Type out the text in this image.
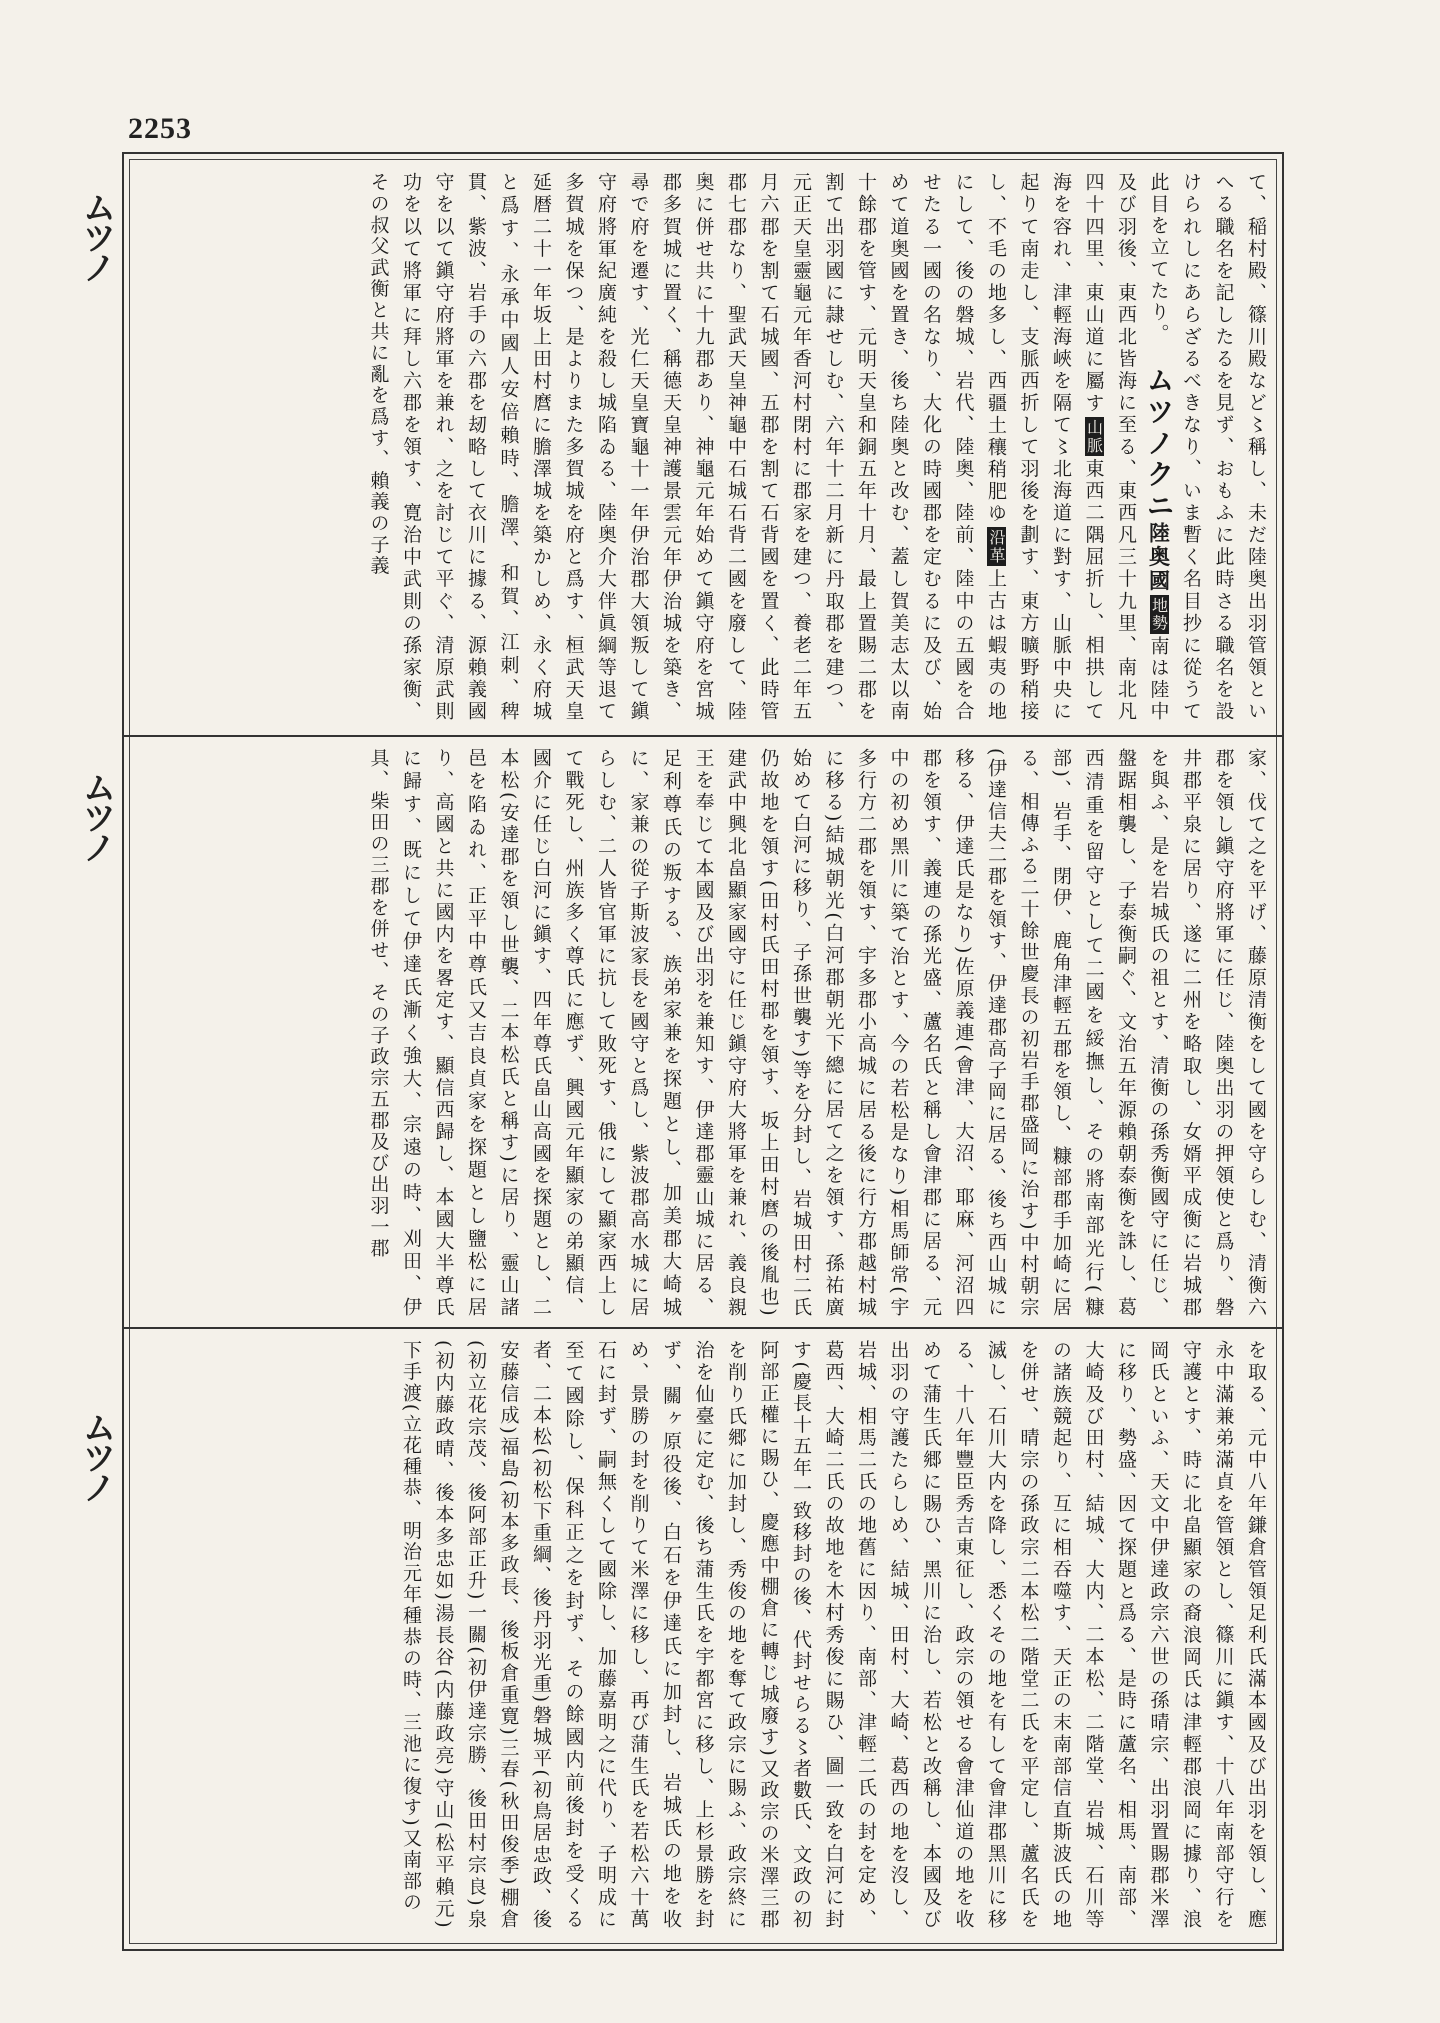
2253
ムツノ
ムツノ
ムツノ

て、稲村殿、篠川殿など〻稱し、未だ陸奥出羽管領といへる職名を記したるを見ず、おもふに此時さる職名を設けられしにあらざるべきなり、いま暫く名目抄に從うて此目を立てたり。ムツノクニ陸奥國地勢南は陸中及び羽後、東西北皆海に至る、東西凡三十九里、南北凡四十四里、東山道に屬す山脈東西二隅屈折し、相拱して海を容れ、津輕海峽を隔て〻北海道に對す、山脈中央に起りて南走し、支脈西折して羽後を劃す、東方曠野稍接し、不毛の地多し、西疆土穰稍肥ゆ沿革上古は蝦夷の地にして、後の磐城、岩代、陸奥、陸前、陸中の五國を合せたる一國の名なり、大化の時國郡を定むるに及び、始めて道奥國を置き、後ち陸奥と改む、蓋し賀美志太以南十餘郡を管す、元明天皇和銅五年十月、最上置賜二郡を割て出羽國に隷せしむ、六年十二月新に丹取郡を建つ、元正天皇靈龜元年香河村閉村に郡家を建つ、養老二年五月六郡を割て石城國、五郡を割て石背國を置く、此時管郡七郡なり、聖武天皇神龜中石城石背二國を廢して、陸奥に併せ共に十九郡あり、神龜元年始めて鎭守府を宮城郡多賀城に置く、稱德天皇神護景雲元年伊治城を築き、尋で府を遷す、光仁天皇寶龜十一年伊治郡大領叛して鎭守府將軍紀廣純を殺し城陷ゐる、陸奥介大伴眞綱等退て多賀城を保つ、是よりまた多賀城を府と爲す、桓武天皇延暦二十一年坂上田村麿に膽澤城を築かしめ、永く府城と爲す、永承中國人安倍賴時、膽澤、和賀、江刺、稗貫、紫波、岩手の六郡を刼略して衣川に據る、源賴義國守を以て鎭守府將軍を兼れ、之を討じて平ぐ、清原武則功を以て將軍に拜し六郡を領す、寛治中武則の孫家衡、その叔父武衡と共に亂を爲す、賴義の子義

家、伐て之を平げ、藤原清衡をして國を守らしむ、清衡六郡を領し鎭守府將軍に任じ、陸奥出羽の押領使と爲り、磐井郡平泉に居り、遂に二州を略取し、女婿平成衡に岩城郡を與ふ、是を岩城氏の祖とす、清衡の孫秀衡國守に任じ、盤踞相襲し、子泰衡嗣ぐ、文治五年源賴朝泰衡を誅し、葛西清重を留守として二國を綏撫し、その將南部光行(糠部)、岩手、閉伊、鹿角津輕五郡を領し、糠部郡手加崎に居る、相傳ふる二十餘世慶長の初岩手郡盛岡に治す)中村朝宗(伊達信夫二郡を領す、伊達郡高子岡に居る、後ち西山城に移る、伊達氏是なり)佐原義連(會津、大沼、耶麻、河沼四郡を領す、義連の孫光盛、蘆名氏と稱し會津郡に居る、元中の初め黑川に築て治とす、今の若松是なり)相馬師常(宇多行方二郡を領す、宇多郡小高城に居る後に行方郡越村城に移る)結城朝光(白河郡朝光下總に居て之を領す、孫祐廣始めて白河に移り、子孫世襲す)等を分封し、岩城田村二氏仍故地を領す(田村氏田村郡を領す、坂上田村麿の後胤也)建武中興北畠顯家國守に任じ鎭守府大將軍を兼れ、義良親王を奉じて本國及び出羽を兼知す、伊達郡靈山城に居る、足利尊氏の叛する、族弟家兼を探題とし、加美郡大崎城に、家兼の從子斯波家長を國守と爲し、紫波郡高水城に居らしむ、二人皆官軍に抗して敗死す、俄にして顯家西上して戰死し、州族多く尊氏に應ず、興國元年顯家の弟顯信、國介に任じ白河に鎭す、四年尊氏畠山高國を探題とし、二本松(安達郡を領し世襲、二本松氏と稱す)に居り、靈山諸邑を陷ゐれ、正平中尊氏又吉良貞家を探題とし鹽松に居り、高國と共に國内を畧定す、顯信西歸し、本國大半尊氏に歸す、既にして伊達氏漸く強大、宗遠の時、刈田、伊具、柴田の三郡を併せ、その子政宗五郡及び出羽一郡

を取る、元中八年鎌倉管領足利氏滿本國及び出羽を領し、應永中滿兼弟滿貞を管領とし、篠川に鎭す、十八年南部守行を守護とす、時に北畠顯家の裔浪岡氏は津輕郡浪岡に據り、浪岡氏といふ、天文中伊達政宗六世の孫晴宗、出羽置賜郡米澤に移り、勢盛、因て探題と爲る、是時に蘆名、相馬、南部、大崎及び田村、結城、大内、二本松、二階堂、岩城、石川等の諸族競起り、互に相吞噬す、天正の末南部信直斯波氏の地を併せ、晴宗の孫政宗二本松二階堂二氏を平定し、蘆名氏を滅し、石川大内を降し、悉くその地を有して會津郡黑川に移る、十八年豐臣秀吉東征し、政宗の領せる會津仙道の地を收めて蒲生氏郷に賜ひ、黑川に治し、若松と改稱し、本國及び出羽の守護たらしめ、結城、田村、大崎、葛西の地を沒し、岩城、相馬二氏の地舊に因り、南部、津輕二氏の封を定め、葛西、大崎二氏の故地を木村秀俊に賜ひ、圖一致を白河に封す(慶長十五年一致移封の後、代封せらる〻者數氏、文政の初阿部正權に賜ひ、慶應中棚倉に轉じ城廢す)又政宗の米澤三郡を削り氏郷に加封し、秀俊の地を奪て政宗に賜ふ、政宗終に治を仙臺に定む、後ち蒲生氏を宇都宮に移し、上杉景勝を封ず、關ヶ原役後、白石を伊達氏に加封し、岩城氏の地を收め、景勝の封を削りて米澤に移し、再び蒲生氏を若松六十萬石に封ず、嗣無くして國除し、加藤嘉明之に代り、子明成に至て國除し、保科正之を封ず、その餘國内前後封を受くる者、二本松(初松下重綱、後丹羽光重)磐城平(初鳥居忠政、後安藤信成)福島(初本多政長、後板倉重寛)三春(秋田俊季)棚倉(初立花宗茂、後阿部正升)一關(初伊達宗勝、後田村宗良)泉(初内藤政晴、後本多忠如)湯長谷(内藤政亮)守山(松平賴元)下手渡(立花種恭、明治元年種恭の時、三池に復す)又南部の
